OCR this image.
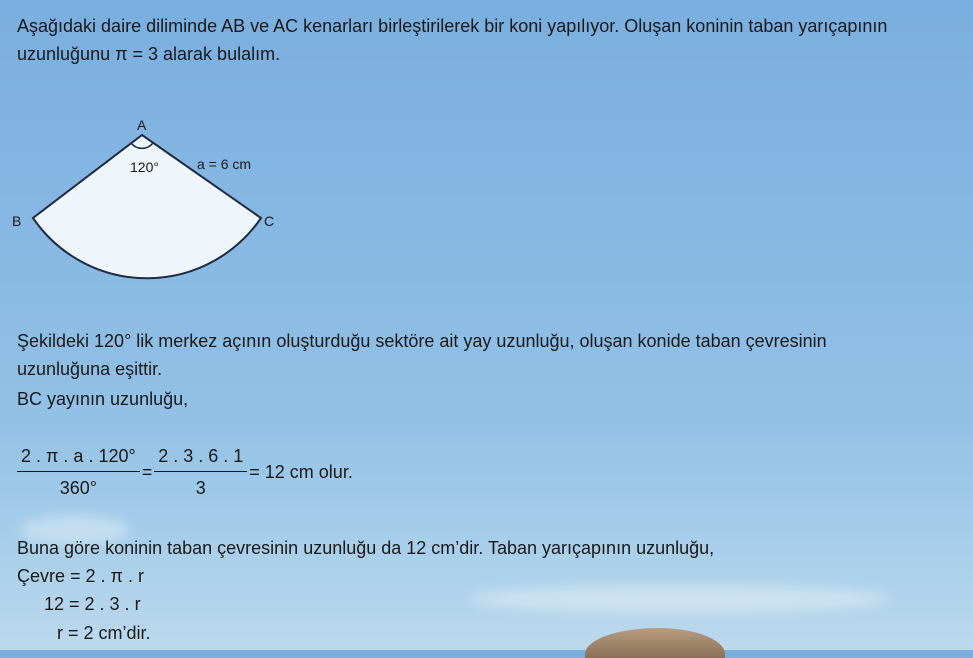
Aşağıdaki daire diliminde AB ve AC kenarları birleştirilerek bir koni yapılıyor. Oluşan koninin taban yarıçapının

uzunluğunu π = 3 alarak bulalım.

A
B	C
120°	a = 6 cm

Şekildeki 120° lik merkez açının oluşturduğu sektöre ait yay uzunluğu, oluşan konide taban çevresinin

uzunluğuna eşittir.

BC yayının uzunluğu,

$\frac{2 . \pi . a . 120^\circ}{360^\circ} = \frac{2 . 3 . 6 . 1}{3} = 12$ cm olur.

Buna göre koninin taban çevresinin uzunluğu da 12 cm’dir. Taban yarıçapının uzunluğu,

Çevre = 2 . π . r

12 = 2 . 3 . r

r = 2 cm’dir.
